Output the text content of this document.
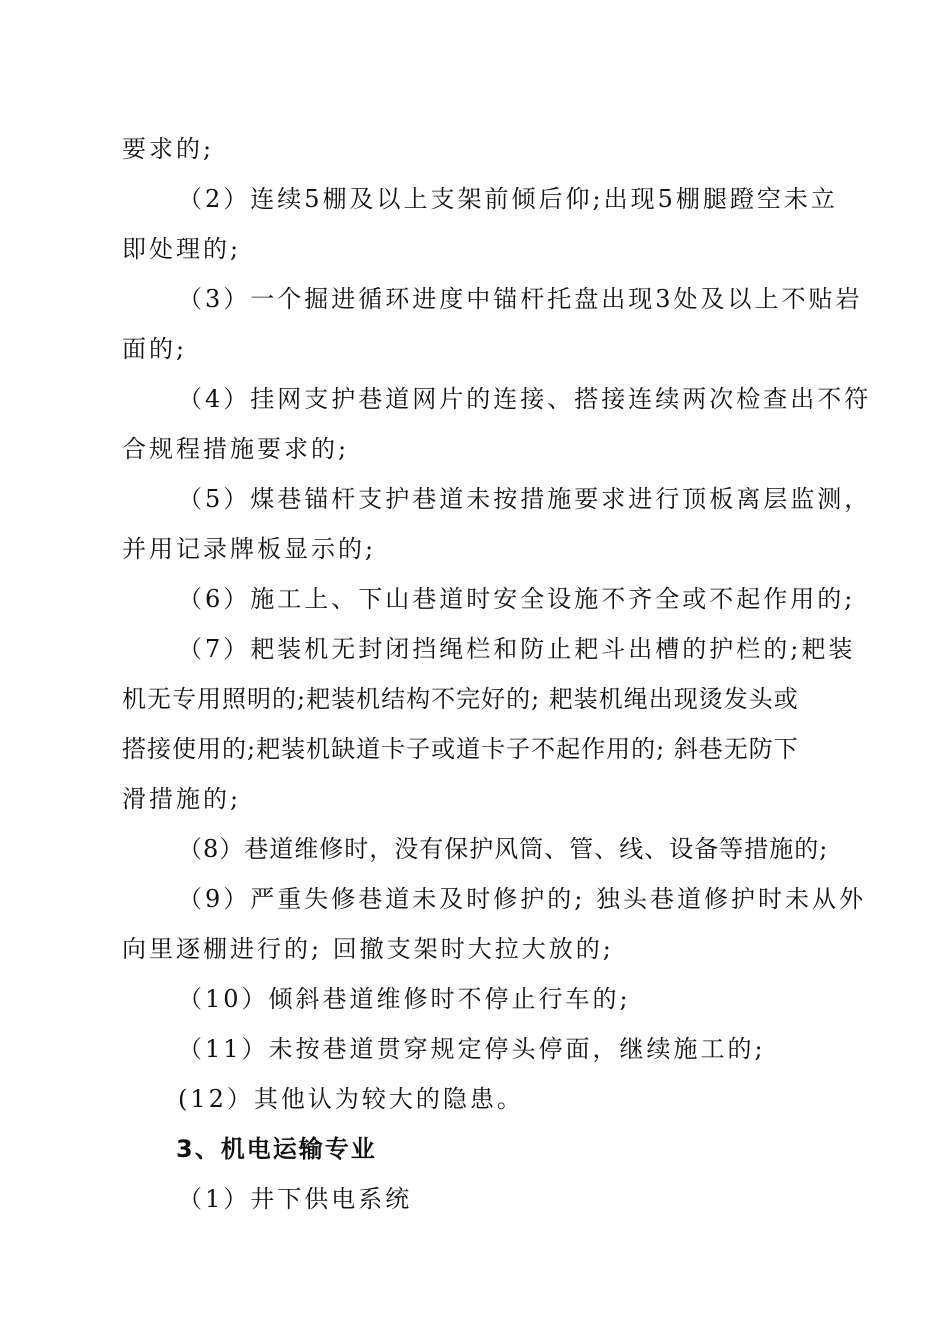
要求的;

（2）连续5棚及以上支架前倾后仰;出现5棚腿蹬空未立

即处理的;

（3）一个掘进循环进度中锚杆托盘出现3处及以上不贴岩

面的;

（4）挂网支护巷道网片的连接、搭接连续两次检查出不符

合规程措施要求的;

（5）煤巷锚杆支护巷道未按措施要求进行顶板离层监测，

并用记录牌板显示的;

（6）施工上、下山巷道时安全设施不齐全或不起作用的;

（7）耙装机无封闭挡绳栏和防止耙斗出槽的护栏的;耙装

机无专用照明的;耙装机结构不完好的; 耙装机绳出现烫发头或

搭接使用的;耙装机缺道卡子或道卡子不起作用的; 斜巷无防下

滑措施的;

（8）巷道维修时，没有保护风筒、管、线、设备等措施的;

（9）严重失修巷道未及时修护的; 独头巷道修护时未从外

向里逐棚进行的; 回撤支架时大拉大放的;

（10）倾斜巷道维修时不停止行车的;

（11）未按巷道贯穿规定停头停面，继续施工的;

(12）其他认为较大的隐患。

3、机电运输专业

（1）井下供电系统
